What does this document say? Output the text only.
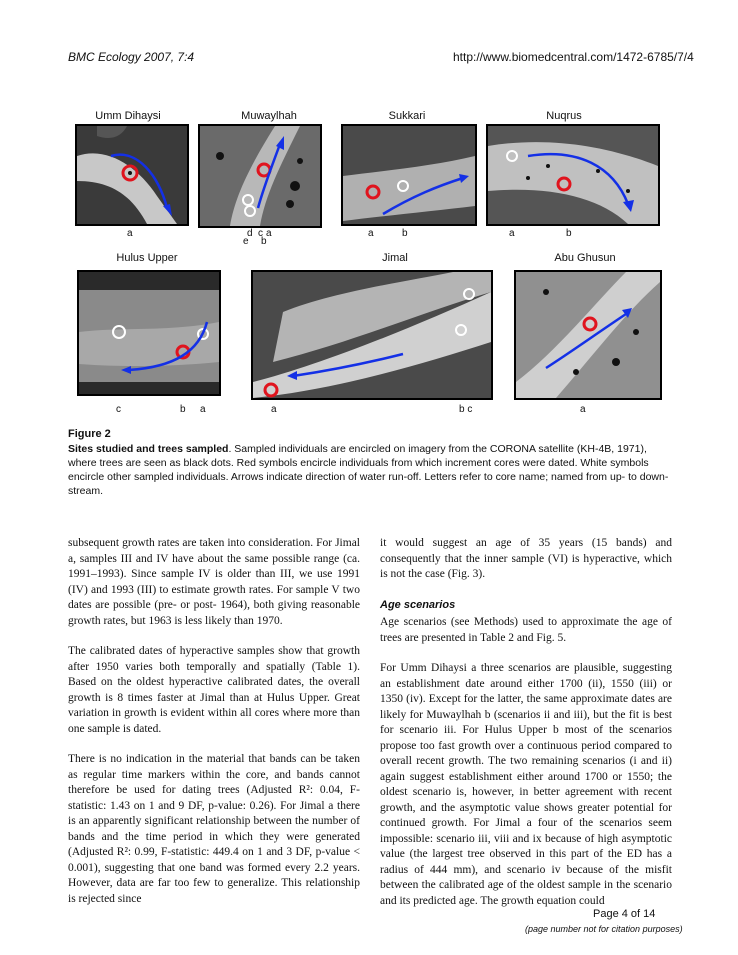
BMC Ecology 2007, 7:4	http://www.biomedcentral.com/1472-6785/7/4
Umm Dihaysi	Muwaylhah	Sukkari	Nuqrus
Hulus Upper	Jimal	Abu Ghusun
a	d c a
e b
a	b	a	b
c	b a	a	b c	a
Figure 2
Sites studied and trees sampled. Sampled individuals are encircled on imagery from the CORONA satellite (KH-4B, 1971), where trees are seen as black dots. Red symbols encircle individuals from which increment cores were dated. White symbols encircle other sampled individuals. Arrows indicate direction of water run-off. Letters refer to core name; named from up- to down- stream.

subsequent growth rates are taken into consideration. For Jimal a, samples III and IV have about the same possible range (ca. 1991–1993). Since sample IV is older than III, we use 1991 (IV) and 1993 (III) to estimate growth rates. For sample V two dates are possible (pre- or post- 1964), both giving reasonable growth rates, but 1963 is less likely than 1970.

The calibrated dates of hyperactive samples show that growth after 1950 varies both temporally and spatially (Table 1). Based on the oldest hyperactive calibrated dates, the overall growth is 8 times faster at Jimal than at Hulus Upper. Great variation in growth is evident within all cores where more than one sample is dated.

There is no indication in the material that bands can be taken as regular time markers within the core, and bands cannot therefore be used for dating trees (Adjusted R²: 0.04, F-statistic: 1.43 on 1 and 9 DF, p-value: 0.26). For Jimal a there is an apparently significant relationship between the number of bands and the time period in which they were generated (Adjusted R²: 0.99, F-statistic: 449.4 on 1 and 3 DF, p-value < 0.001), suggesting that one band was formed every 2.2 years. However, data are far too few to generalize. This relationship is rejected since

it would suggest an age of 35 years (15 bands) and consequently that the inner sample (VI) is hyperactive, which is not the case (Fig. 3).

Age scenarios

Age scenarios (see Methods) used to approximate the age of trees are presented in Table 2 and Fig. 5.

For Umm Dihaysi a three scenarios are plausible, suggesting an establishment date around either 1700 (ii), 1550 (iii) or 1350 (iv). Except for the latter, the same approximate dates are likely for Muwaylhah b (scenarios ii and iii), but the fit is best for scenario iii. For Hulus Upper b most of the scenarios propose too fast growth over a continuous period compared to overall recent growth. The two remaining scenarios (i and ii) again suggest establishment either around 1700 or 1550; the oldest scenario is, however, in better agreement with recent growth, and the asymptotic value shows greater potential for continued growth. For Jimal a four of the scenarios seem impossible: scenario iii, viii and ix because of high asymptotic value (the largest tree observed in this part of the ED has a radius of 444 mm), and scenario iv because of the misfit between the calibrated age of the oldest sample in the scenario and its predicted age. The growth equation could

Page 4 of 14
(page number not for citation purposes)
